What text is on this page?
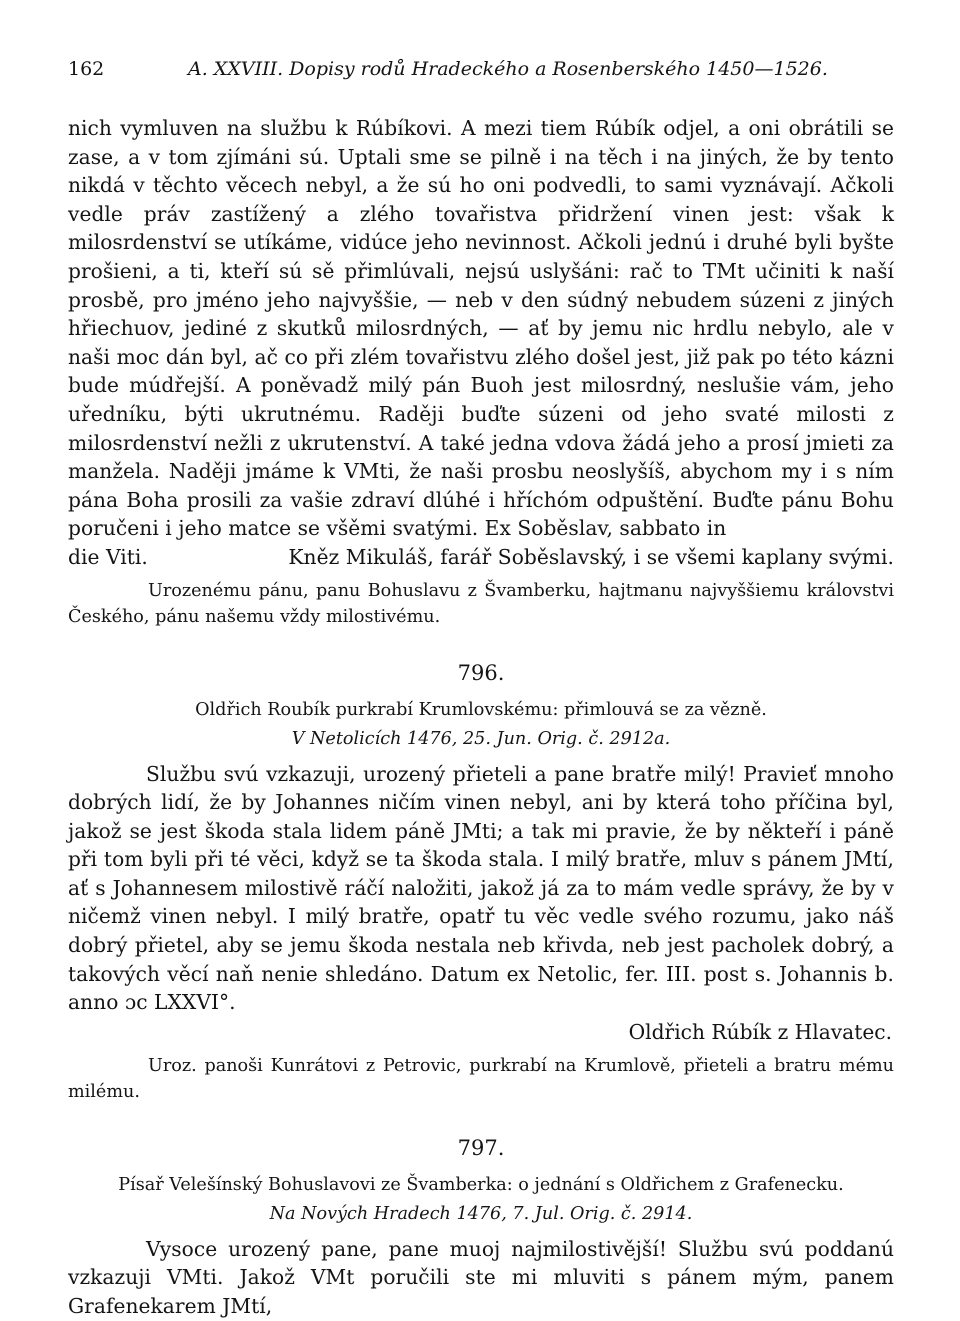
162	A. XXVIII. Dopisy rodů Hradeckého a Rosenberského 1450—1526.

nich vymluven na službu k Rúbíkovi. A mezi tiem Rúbík odjel, a oni obrátili se zase, a v tom zjímáni sú. Uptali sme se pilně i na těch i na jiných, že by tento nikdá v těchto věcech nebyl, a že sú ho oni podvedli, to sami vyznávají. Ačkoli vedle práv zastížený a zlého tovařistva přidržení vinen jest: však k milosrdenství se utíkáme, vidúce jeho nevinnost. Ačkoli jednú i druhé byli byšte prošieni, a ti, kteří sú sě přimlúvali, nejsú uslyšáni: rač to TMt učiniti k naší prosbě, pro jméno jeho najvyššie, — neb v den súdný nebudem súzeni z jiných hřiechuov, jediné z skutků milosrdných, — ať by jemu nic hrdlu nebylo, ale v naši moc dán byl, ač co při zlém tovařistvu zlého došel jest, již pak po této kázni bude múdřejší. A poněvadž milý pán Buoh jest milosrdný, neslušie vám, jeho uředníku, býti ukrutnému. Raději buďte súzeni od jeho svaté milosti z milosrdenství nežli z ukrutenství. A také jedna vdova žádá jeho a prosí jmieti za manžela. Naději jmáme k VMti, že naši prosbu neoslyšíš, abychom my i s ním pána Boha prosili za vašie zdraví dlúhé i hříchóm odpuštění. Buďte pánu Bohu poručeni i jeho matce se všěmi svatými. Ex Soběslav, sabbato in

die Viti.	Kněz Mikuláš, farář Soběslavský, i se všemi kaplany svými.

Urozenému pánu, panu Bohuslavu z Švamberku, hajtmanu najvyššiemu královstvi Českého, pánu našemu vždy milostivému.

796.

Oldřich Roubík purkrabí Krumlovskému: přimlouvá se za vězně.

V Netolicích 1476, 25. Jun. Orig. č. 2912a.

Službu svú vzkazuji, urozený přieteli a pane bratře milý! Pravieť mnoho dobrých lidí, že by Johannes ničím vinen nebyl, ani by která toho příčina byl, jakož se jest škoda stala lidem páně JMti; a tak mi pravie, že by někteří i páně při tom byli při té věci, když se ta škoda stala. I milý bratře, mluv s pánem JMtí, ať s Johannesem milostivě ráčí naložiti, jakož já za to mám vedle správy, že by v ničemž vinen nebyl. I milý bratře, opatř tu věc vedle svého rozumu, jako náš dobrý přietel, aby se jemu škoda nestala neb křivda, neb jest pacholek dobrý, a takových věcí naň nenie shledáno. Datum ex Netolic, fer. III. post s. Johannis b. anno ɔc LXXVI°.

Oldřich Rúbík z Hlavatec.

Uroz. panoši Kunrátovi z Petrovic, purkrabí na Krumlově, přieteli a bratru mému milému.

797.

Písař Velešínský Bohuslavovi ze Švamberka: o jednání s Oldřichem z Grafenecku.

Na Nových Hradech 1476, 7. Jul. Orig. č. 2914.

Vysoce urozený pane, pane muoj najmilostivější! Službu svú poddanú vzkazuji VMti. Jakož VMt poručili ste mi mluviti s pánem mým, panem Grafenekarem JMtí,
